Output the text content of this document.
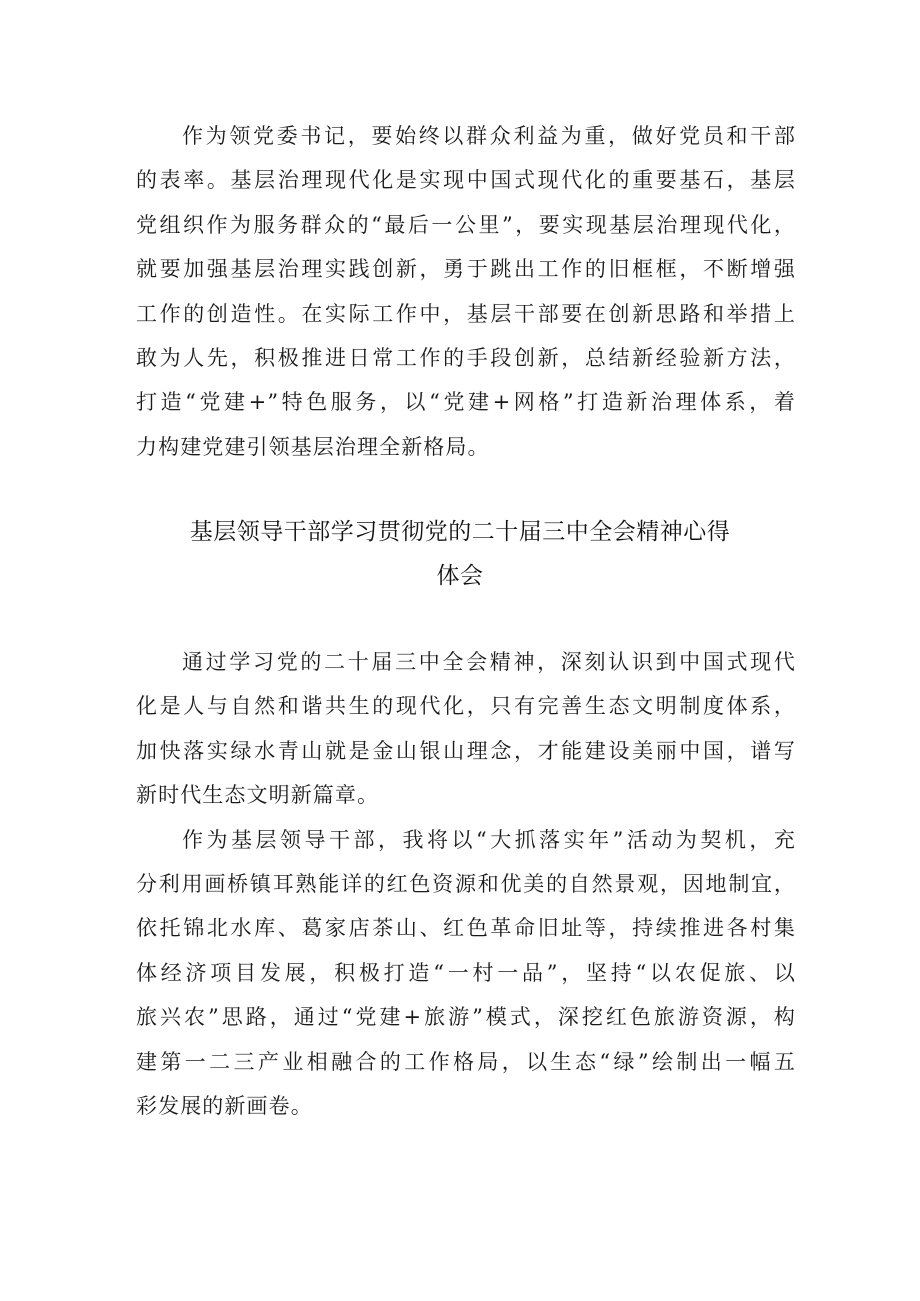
作为领党委书记，要始终以群众利益为重，做好党员和干部
的表率。基层治理现代化是实现中国式现代化的重要基石，基层
党组织作为服务群众的“最后一公里”，要实现基层治理现代化，
就要加强基层治理实践创新，勇于跳出工作的旧框框，不断增强
工作的创造性。在实际工作中，基层干部要在创新思路和举措上
敢为人先，积极推进日常工作的手段创新，总结新经验新方法，
打造“党建+”特色服务，以“党建+网格”打造新治理体系，着
力构建党建引领基层治理全新格局。
基层领导干部学习贯彻党的二十届三中全会精神心得
体会
通过学习党的二十届三中全会精神，深刻认识到中国式现代
化是人与自然和谐共生的现代化，只有完善生态文明制度体系，
加快落实绿水青山就是金山银山理念，才能建设美丽中国，谱写
新时代生态文明新篇章。
作为基层领导干部，我将以“大抓落实年”活动为契机，充
分利用画桥镇耳熟能详的红色资源和优美的自然景观，因地制宜，
依托锦北水库、葛家店茶山、红色革命旧址等，持续推进各村集
体经济项目发展，积极打造“一村一品”，坚持“以农促旅、以
旅兴农”思路，通过“党建+旅游”模式，深挖红色旅游资源，构
建第一二三产业相融合的工作格局，以生态“绿”绘制出一幅五
彩发展的新画卷。
